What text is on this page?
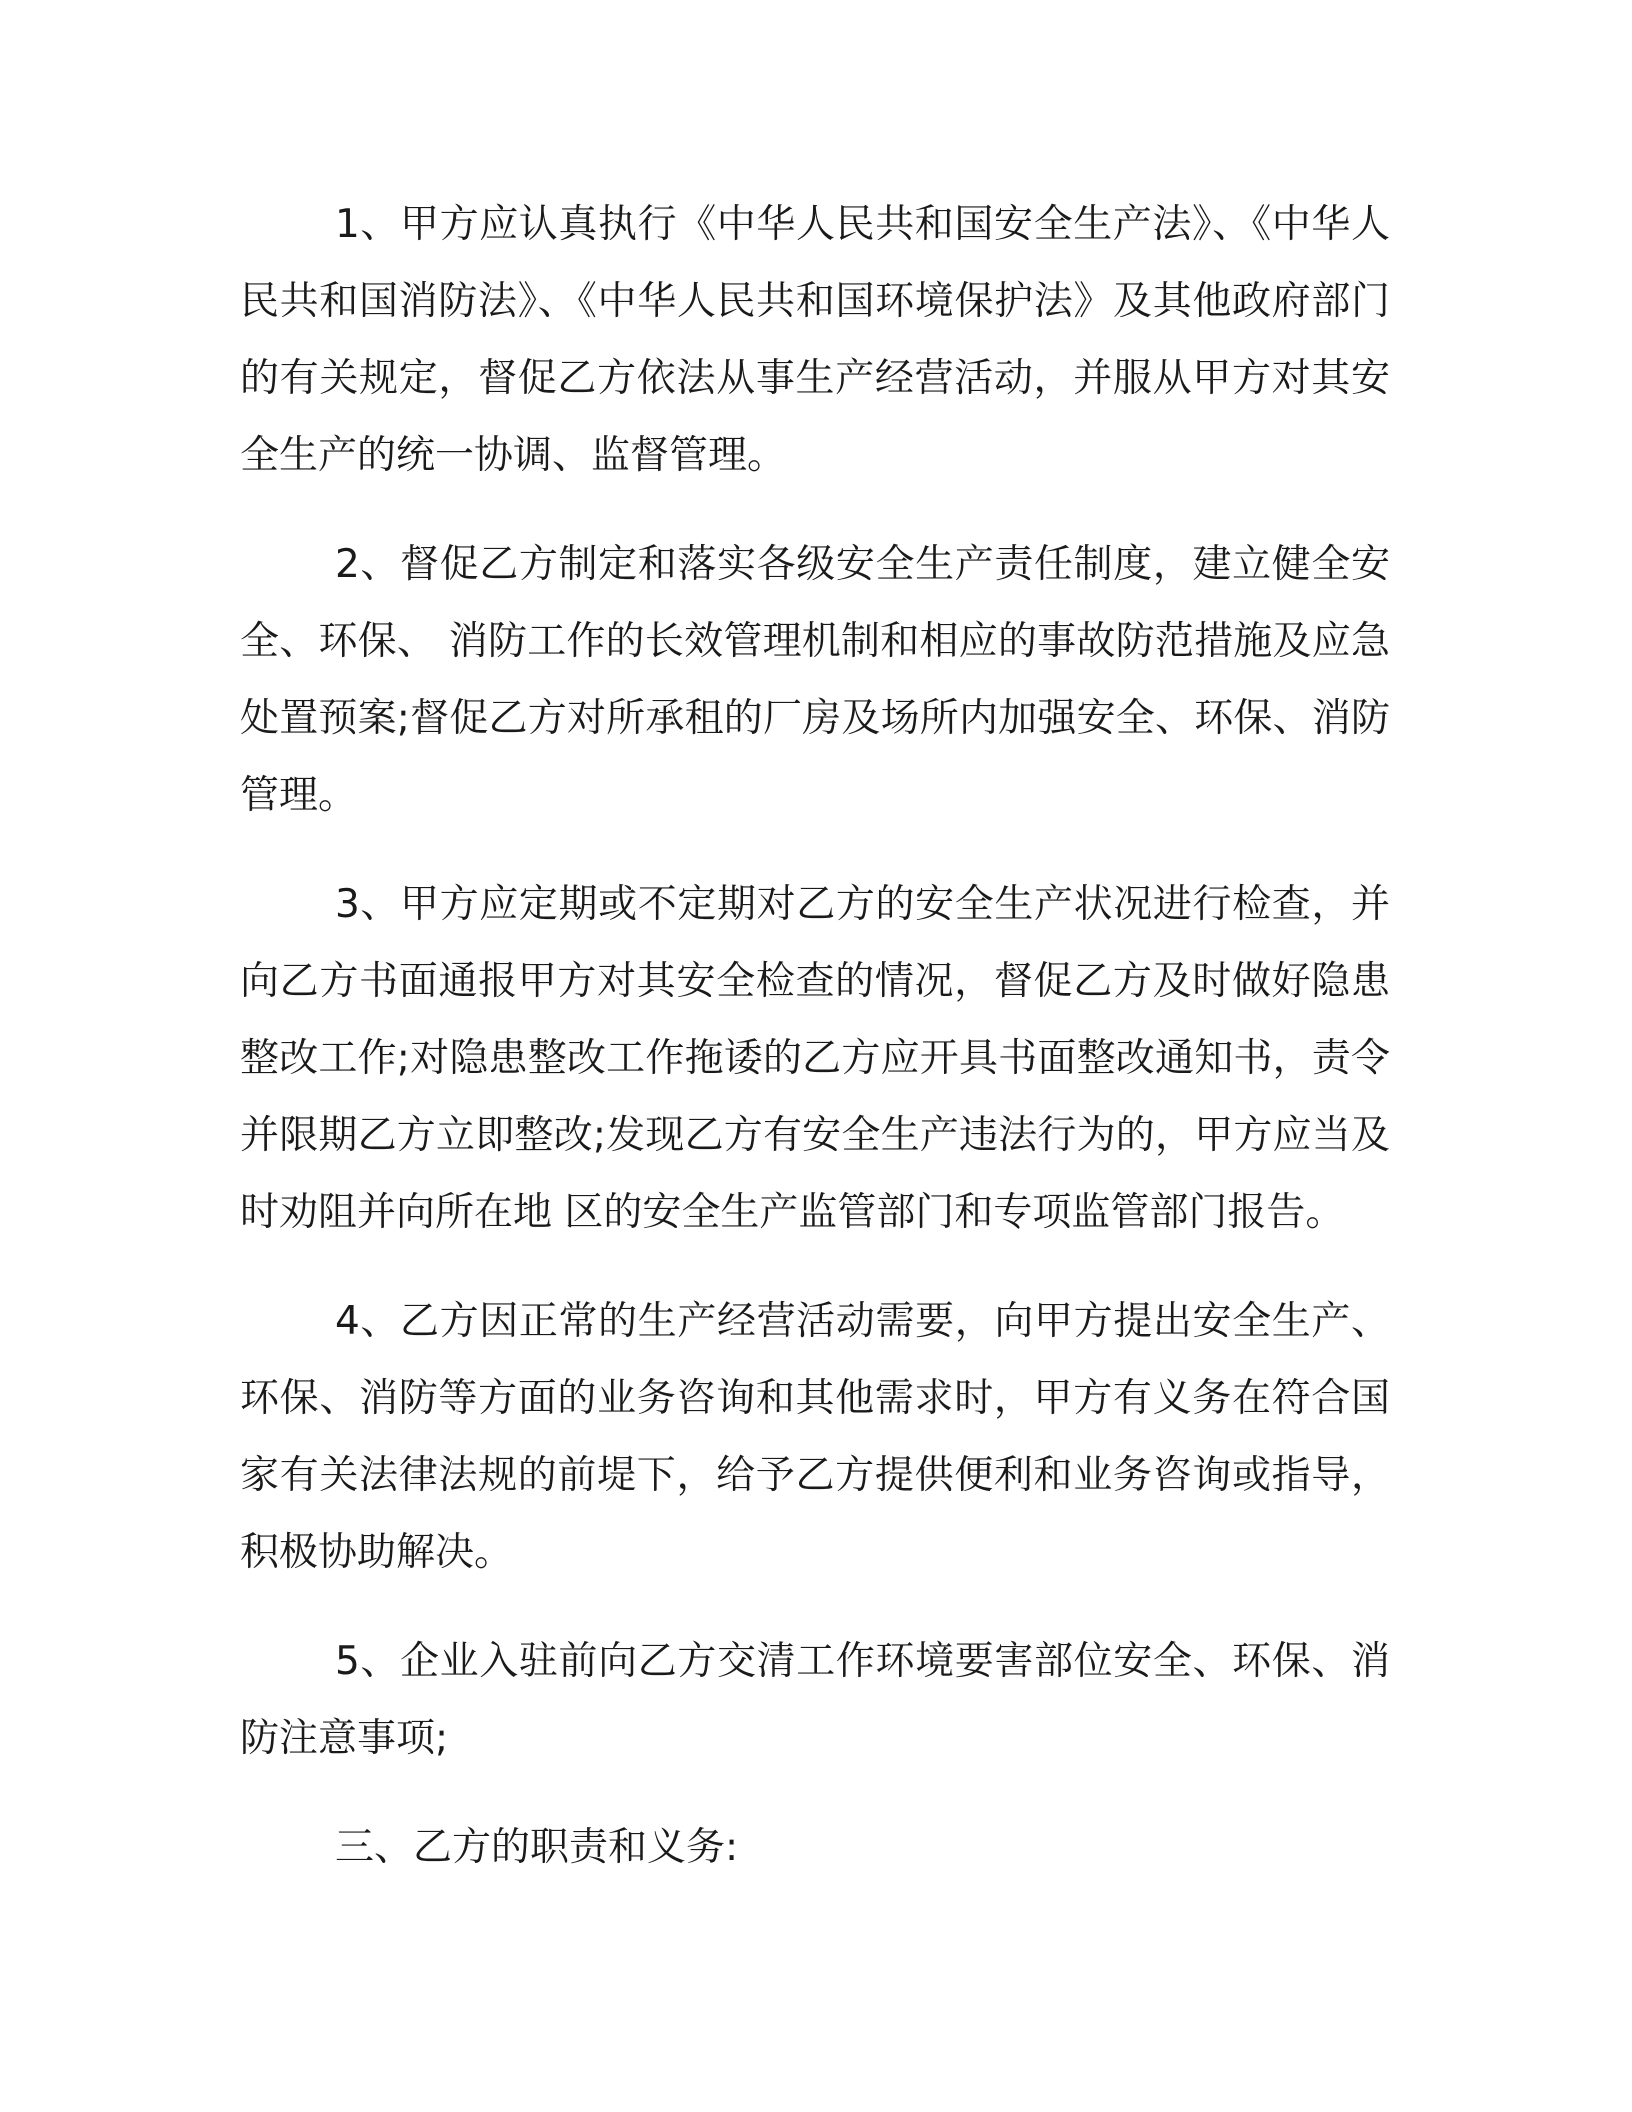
1、甲方应认真执行《中华人民共和国安全生产法》、《中华人民共和国消防法》、《中华人民共和国环境保护法》及其他政府部门的有关规定，督促乙方依法从事生产经营活动，并服从甲方对其安全生产的统一协调、监督管理。

2、督促乙方制定和落实各级安全生产责任制度，建立健全安全、环保、 消防工作的长效管理机制和相应的事故防范措施及应急处置预案;督促乙方对所承租的厂房及场所内加强安全、环保、消防管理。

3、甲方应定期或不定期对乙方的安全生产状况进行检查，并向乙方书面通报甲方对其安全检查的情况，督促乙方及时做好隐患整改工作;对隐患整改工作拖诿的乙方应开具书面整改通知书，责令并限期乙方立即整改;发现乙方有安全生产违法行为的，甲方应当及时劝阻并向所在地 区的安全生产监管部门和专项监管部门报告。

4、乙方因正常的生产经营活动需要，向甲方提出安全生产、环保、消防等方面的业务咨询和其他需求时，甲方有义务在符合国家有关法律法规的前堤下，给予乙方提供便利和业务咨询或指导，积极协助解决。

5、企业入驻前向乙方交清工作环境要害部位安全、环保、消防注意事项;

三、乙方的职责和义务:
